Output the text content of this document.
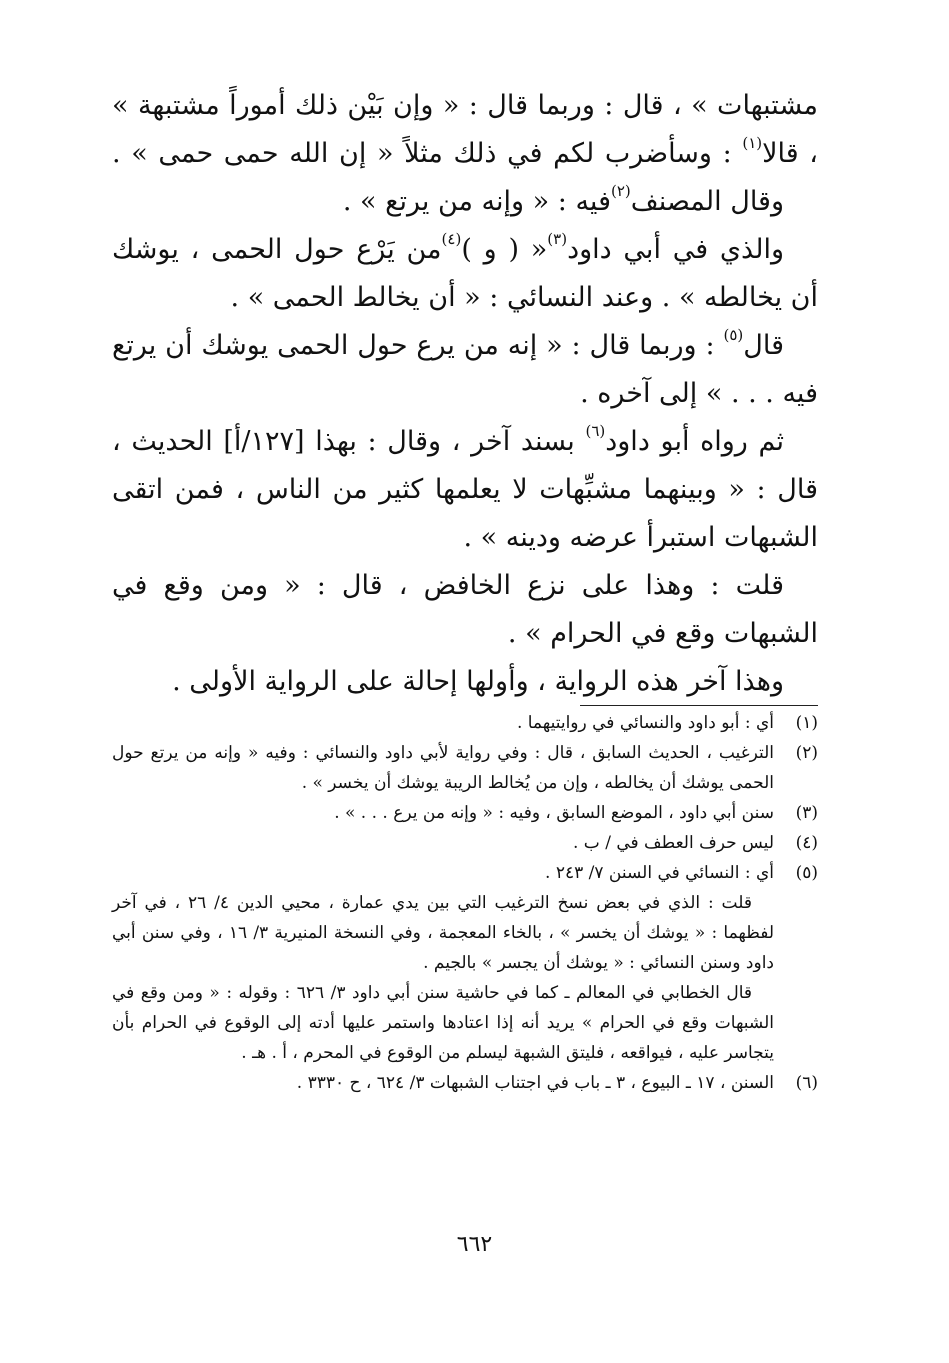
مشتبهات » ، قال : وربما قال : « وإن بَيْن ذلك أموراً مشتبهة » ، قالا$^{(١)}$ : وسأضرب لكم في ذلك مثلاً « إن الله حمى حمى » .

وقال المصنف$^{(٢)}$فيه : « وإنه من يرتع » .

والذي في أبي داود$^{(٣)}$« ( و )$^{(٤)}$من يَرْع حول الحمى ، يوشك أن يخالطه » . وعند النسائي : « أن يخالط الحمى » .

قال$^{(٥)}$ : وربما قال : « إنه من يرع حول الحمى يوشك أن يرتع فيه . . . » إلى آخره .

ثم رواه أبو داود$^{(٦)}$ بسند آخر ، وقال : بهذا [١٢٧/أ] الحديث ، قال : « وبينهما مشبِّهات لا يعلمها كثير من الناس ، فمن اتقى الشبهات استبرأ عرضه ودينه » .

قلت : وهذا على نزع الخافض ، قال : « ومن وقع في الشبهات وقع في الحرام » .

وهذا آخر هذه الرواية ، وأولها إحالة على الرواية الأولى .

(١)

أي : أبو داود والنسائي في روايتيهما .

(٢)

الترغيب ، الحديث السابق ، قال : وفي رواية لأبي داود والنسائي : وفيه « وإنه من يرتع حول الحمى يوشك أن يخالطه ، وإن من يُخالط الريبة يوشك أن يخسر » .

(٣)

سنن أبي داود ، الموضع السابق ، وفيه : « وإنه من يرع . . . » .

(٤)

ليس حرف العطف في / ب .

(٥)

أي : النسائي في السنن ٧/ ٢٤٣ .

قلت : الذي في بعض نسخ الترغيب التي بين يدي عمارة ، محيي الدين ٤/ ٢٦ ، في آخر لفظهما : « يوشك أن يخسر » ، بالخاء المعجمة ، وفي النسخة المنيرية ٣/ ١٦ ، وفي سنن أبي داود وسنن النسائي : « يوشك أن يجسر » بالجيم .

قال الخطابي في المعالم ـ كما في حاشية سنن أبي داود ٣/ ٦٢٦ : وقوله : « ومن وقع في الشبهات وقع في الحرام » يريد أنه إذا اعتادها واستمر عليها أدته إلى الوقوع في الحرام بأن يتجاسر عليه ، فيواقعه ، فليتق الشبهة ليسلم من الوقوع في المحرم ، أ . هـ .

(٦)

السنن ، ١٧ ـ البيوع ، ٣ ـ باب في اجتناب الشبهات ٣/ ٦٢٤ ، ح ٣٣٣٠ .

٦٦٢
